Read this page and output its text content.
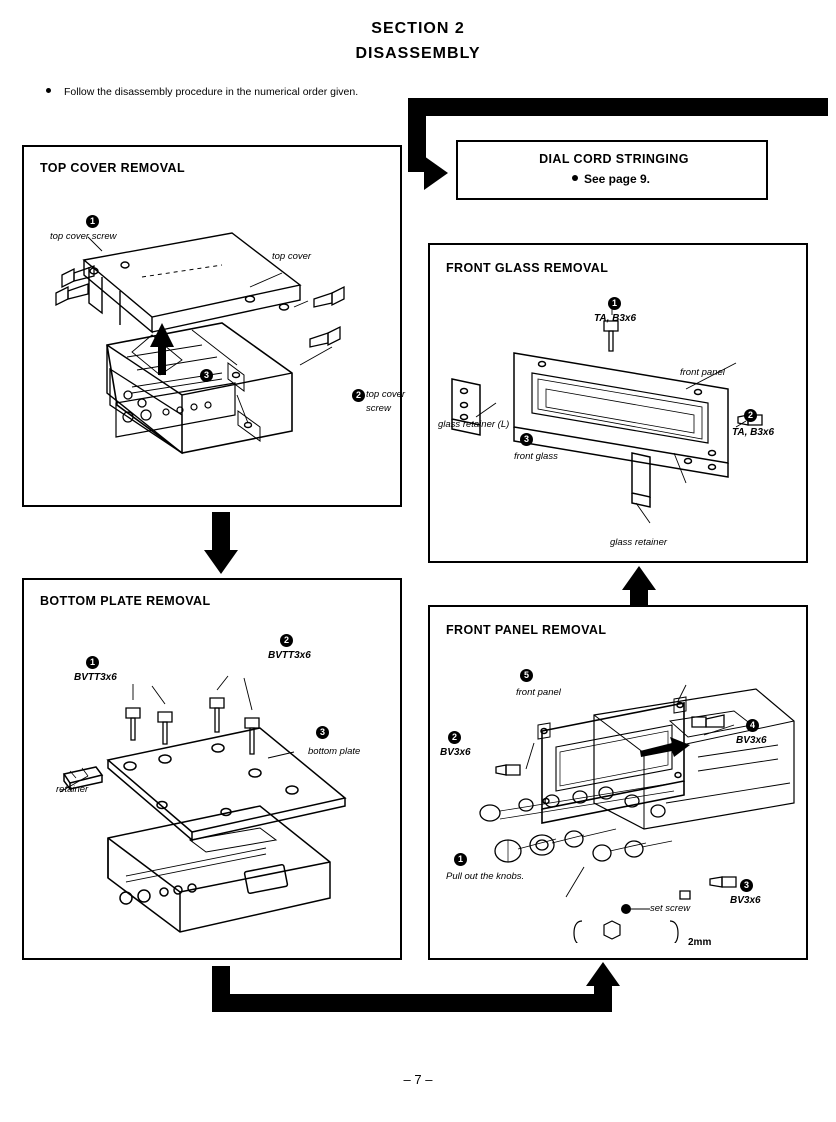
SECTION 2
DISASSEMBLY
Follow the disassembly procedure in the numerical order given.
TOP COVER REMOVAL
1
top cover screw
2 top cover
screw
3
top cover
BOTTOM PLATE REMOVAL
1
BVTT3x6
2
BVTT3x6
3
bottom plate
retainer
DIAL CORD STRINGING
See page 9.
FRONT GLASS REMOVAL
1
TA, B3x6
2
TA, B3x6
3
front glass
front panel
glass retainer (L)
glass retainer
FRONT PANEL REMOVAL
1
Pull out the knobs.
2
BV3x6
3
BV3x6
4
BV3x6
5
front panel
set screw
2mm
– 7 –
